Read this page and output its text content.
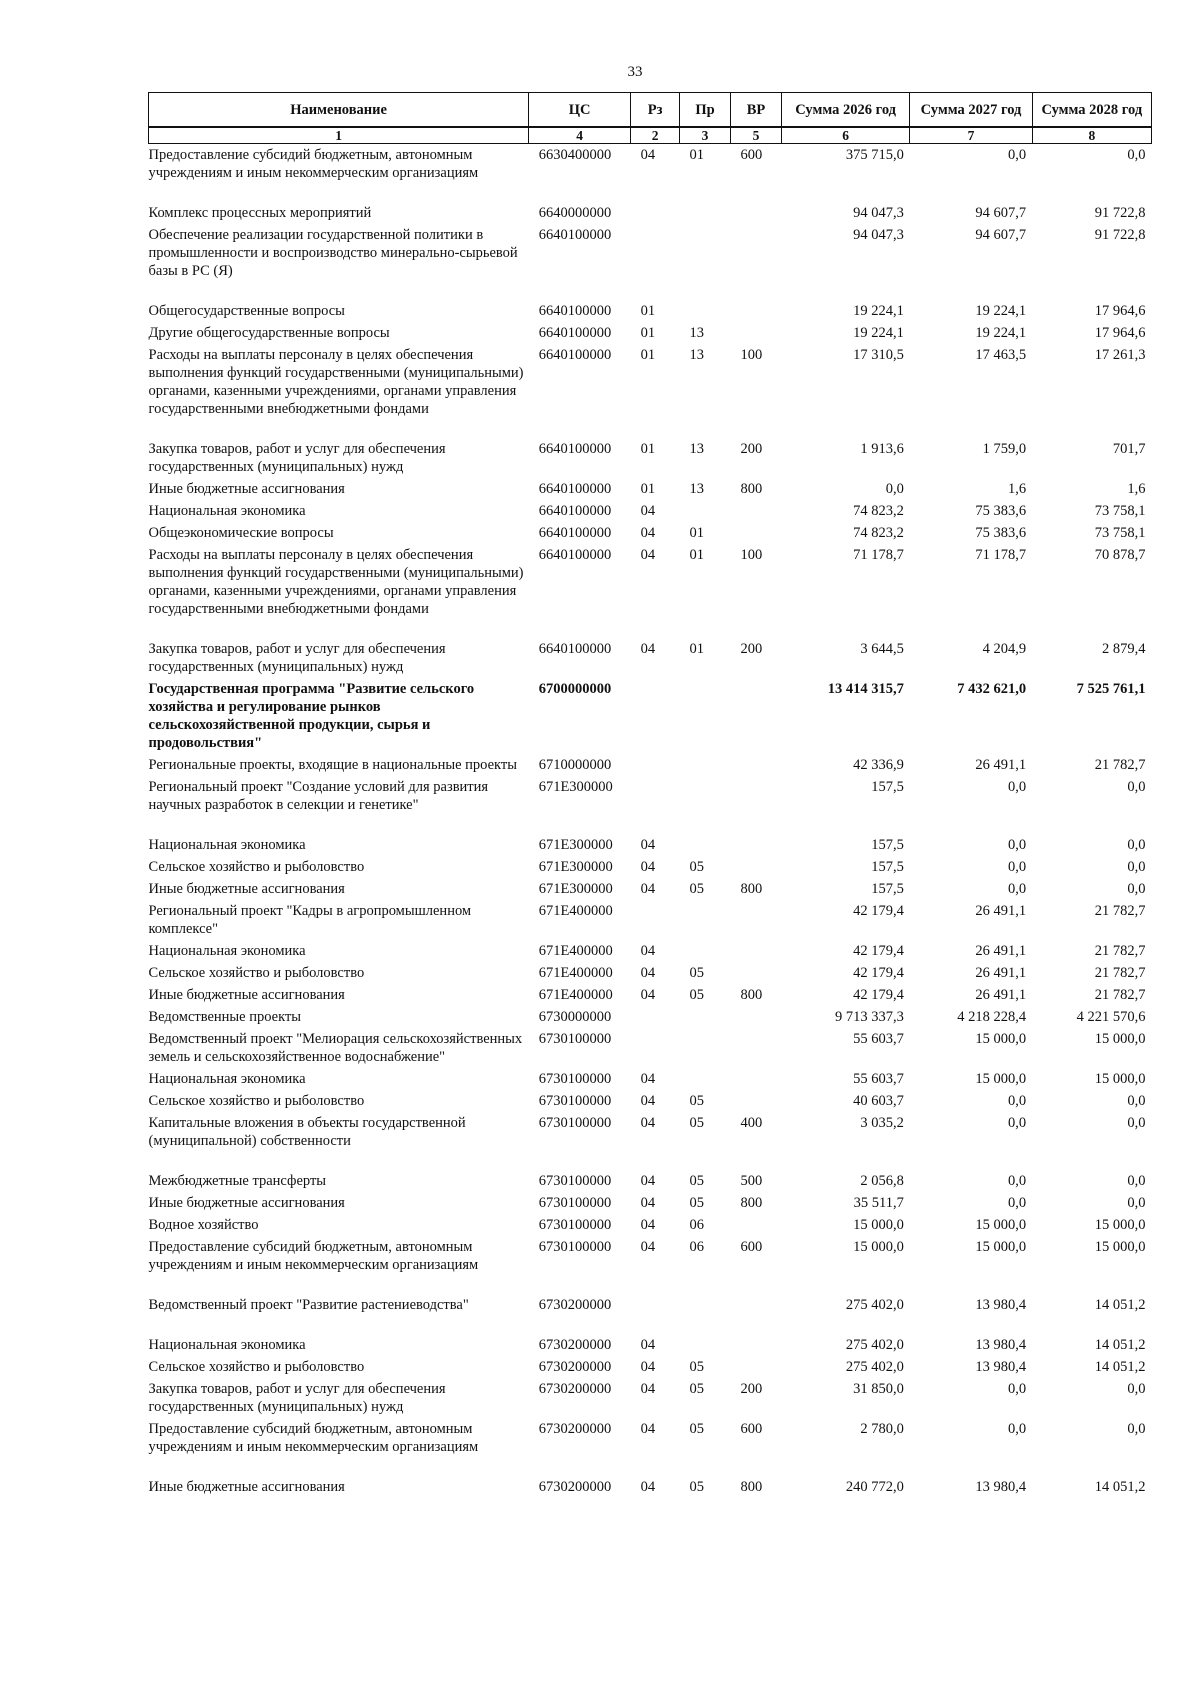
33
Наименование	ЦС	Рз	Пр	ВР	Сумма 2026 год	Сумма 2027 год	Сумма 2028 год
1	4	2	3	5	6	7	8
Предоставление субсидий бюджетным, автономным учреждениям и иным некоммерческим организациям	6630400000	04	01	600	375 715,0	0,0	0,0
Комплекс процессных мероприятий	6640000000				94 047,3	94 607,7	91 722,8
Обеспечение реализации государственной политики в промышленности и воспроизводство минерально-сырьевой базы в РС (Я)	6640100000				94 047,3	94 607,7	91 722,8
Общегосударственные вопросы	6640100000	01			19 224,1	19 224,1	17 964,6
Другие общегосударственные вопросы	6640100000	01	13		19 224,1	19 224,1	17 964,6
Расходы на выплаты персоналу в целях обеспечения выполнения функций государственными (муниципальными) органами, казенными учреждениями, органами управления государственными внебюджетными фондами	6640100000	01	13	100	17 310,5	17 463,5	17 261,3
Закупка товаров, работ и услуг для обеспечения государственных (муниципальных) нужд	6640100000	01	13	200	1 913,6	1 759,0	701,7
Иные бюджетные ассигнования	6640100000	01	13	800	0,0	1,6	1,6
Национальная экономика	6640100000	04			74 823,2	75 383,6	73 758,1
Общеэкономические вопросы	6640100000	04	01		74 823,2	75 383,6	73 758,1
Расходы на выплаты персоналу в целях обеспечения выполнения функций государственными (муниципальными) органами, казенными учреждениями, органами управления государственными внебюджетными фондами	6640100000	04	01	100	71 178,7	71 178,7	70 878,7
Закупка товаров, работ и услуг для обеспечения государственных (муниципальных) нужд	6640100000	04	01	200	3 644,5	4 204,9	2 879,4
Государственная программа "Развитие сельского хозяйства и регулирование рынков сельскохозяйственной продукции, сырья и продовольствия"	6700000000				13 414 315,7	7 432 621,0	7 525 761,1
Региональные проекты, входящие в национальные проекты	6710000000				42 336,9	26 491,1	21 782,7
Региональный проект "Создание условий для развития научных разработок в селекции и генетике"	671E300000				157,5	0,0	0,0
Национальная экономика	671E300000	04			157,5	0,0	0,0
Сельское хозяйство и рыболовство	671E300000	04	05		157,5	0,0	0,0
Иные бюджетные ассигнования	671E300000	04	05	800	157,5	0,0	0,0
Региональный проект "Кадры в агропромышленном комплексе"	671E400000				42 179,4	26 491,1	21 782,7
Национальная экономика	671E400000	04			42 179,4	26 491,1	21 782,7
Сельское хозяйство и рыболовство	671E400000	04	05		42 179,4	26 491,1	21 782,7
Иные бюджетные ассигнования	671E400000	04	05	800	42 179,4	26 491,1	21 782,7
Ведомственные проекты	6730000000				9 713 337,3	4 218 228,4	4 221 570,6
Ведомственный проект "Мелиорация сельскохозяйственных земель и сельскохозяйственное водоснабжение"	6730100000				55 603,7	15 000,0	15 000,0
Национальная экономика	6730100000	04			55 603,7	15 000,0	15 000,0
Сельское хозяйство и рыболовство	6730100000	04	05		40 603,7	0,0	0,0
Капитальные вложения в объекты государственной (муниципальной) собственности	6730100000	04	05	400	3 035,2	0,0	0,0
Межбюджетные трансферты	6730100000	04	05	500	2 056,8	0,0	0,0
Иные бюджетные ассигнования	6730100000	04	05	800	35 511,7	0,0	0,0
Водное хозяйство	6730100000	04	06		15 000,0	15 000,0	15 000,0
Предоставление субсидий бюджетным, автономным учреждениям и иным некоммерческим организациям	6730100000	04	06	600	15 000,0	15 000,0	15 000,0
Ведомственный проект "Развитие растениеводства"	6730200000				275 402,0	13 980,4	14 051,2
Национальная экономика	6730200000	04			275 402,0	13 980,4	14 051,2
Сельское хозяйство и рыболовство	6730200000	04	05		275 402,0	13 980,4	14 051,2
Закупка товаров, работ и услуг для обеспечения государственных (муниципальных) нужд	6730200000	04	05	200	31 850,0	0,0	0,0
Предоставление субсидий бюджетным, автономным учреждениям и иным некоммерческим организациям	6730200000	04	05	600	2 780,0	0,0	0,0
Иные бюджетные ассигнования	6730200000	04	05	800	240 772,0	13 980,4	14 051,2
